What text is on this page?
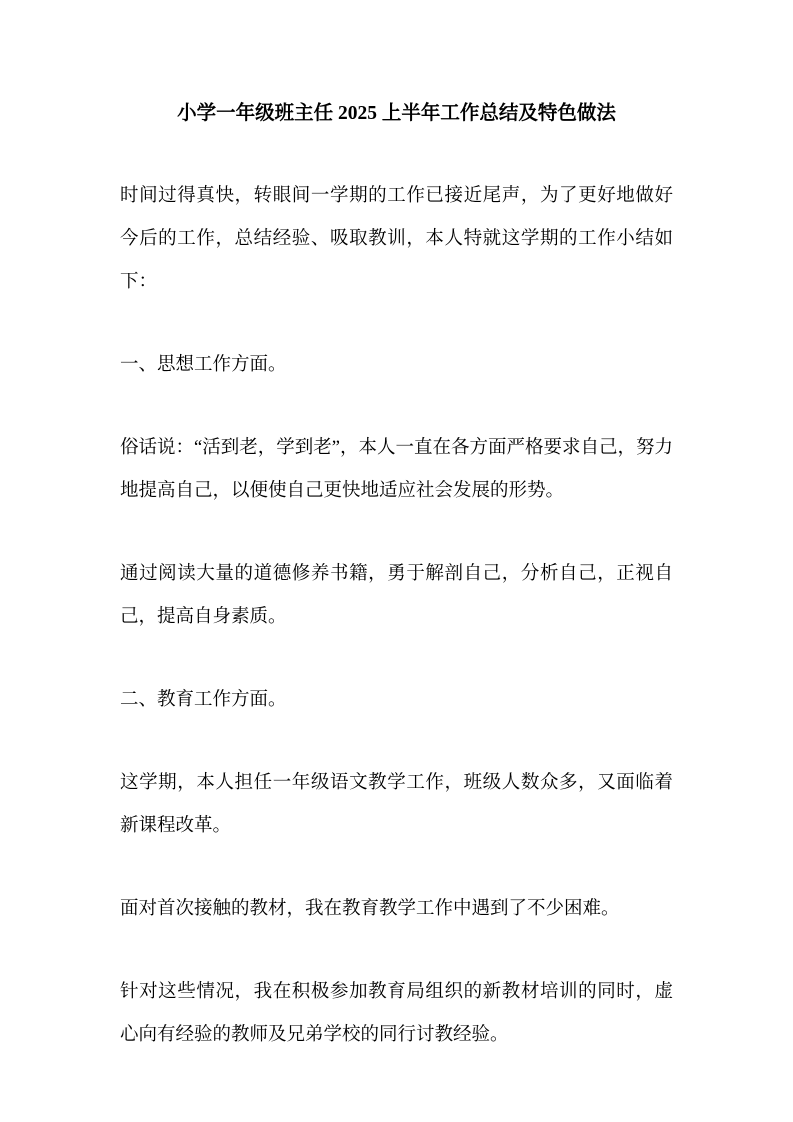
小学一年级班主任 2025 上半年工作总结及特色做法

时间过得真快，转眼间一学期的工作已接近尾声，为了更好地做好今后的工作，总结经验、吸取教训，本人特就这学期的工作小结如下：

一、思想工作方面。

俗话说：“活到老，学到老”，本人一直在各方面严格要求自己，努力地提高自己，以便使自己更快地适应社会发展的形势。

通过阅读大量的道德修养书籍，勇于解剖自己，分析自己，正视自己，提高自身素质。

二、教育工作方面。

这学期，本人担任一年级语文教学工作，班级人数众多，又面临着新课程改革。

面对首次接触的教材，我在教育教学工作中遇到了不少困难。

针对这些情况，我在积极参加教育局组织的新教材培训的同时，虚心向有经验的教师及兄弟学校的同行讨教经验。
